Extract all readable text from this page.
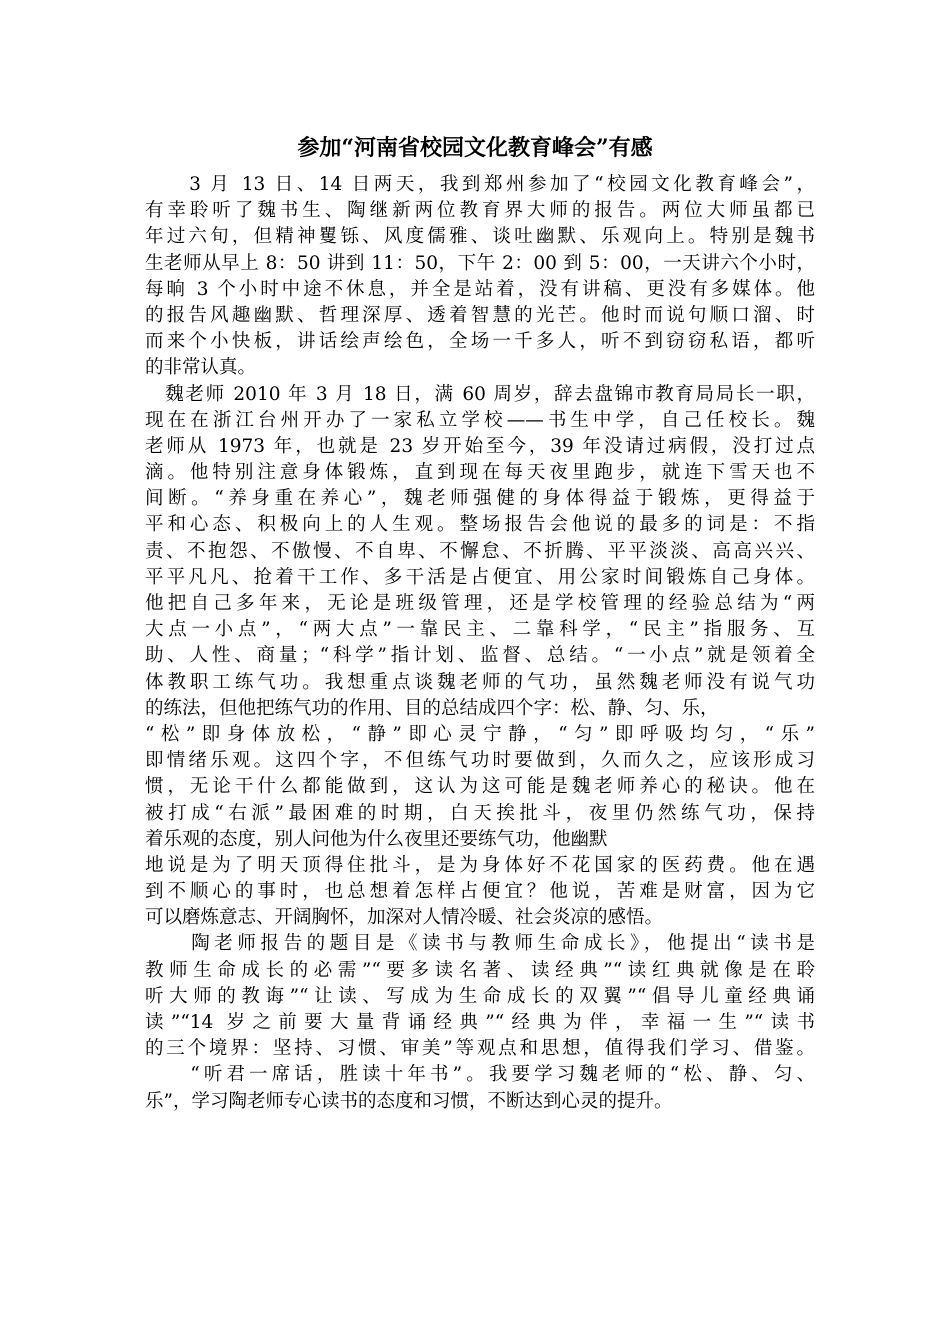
参加“河南省校园文化教育峰会”有感
　　3 月 13 日、14 日两天，我到郑州参加了“校园文化教育峰会”，
有幸聆听了魏书生、陶继新两位教育界大师的报告。两位大师虽都已
年过六旬，但精神矍铄、风度儒雅、谈吐幽默、乐观向上。特别是魏书
生老师从早上 8：50 讲到 11：50，下午 2：00 到 5：00，一天讲六个小时，
每晌 3 个小时中途不休息，并全是站着，没有讲稿、更没有多媒体。他
的报告风趣幽默、哲理深厚、透着智慧的光芒。他时而说句顺口溜、时
而来个小快板，讲话绘声绘色，全场一千多人，听不到窃窃私语，都听
的非常认真。
　魏老师 2010 年 3 月 18 日，满 60 周岁，辞去盘锦市教育局局长一职，
现在在浙江台州开办了一家私立学校——书生中学，自己任校长。魏
老师从 1973 年，也就是 23 岁开始至今，39 年没请过病假，没打过点
滴。他特别注意身体锻炼，直到现在每天夜里跑步，就连下雪天也不
间断。“养身重在养心”，魏老师强健的身体得益于锻炼，更得益于
平和心态、积极向上的人生观。整场报告会他说的最多的词是：不指
责、不抱怨、不傲慢、不自卑、不懈怠、不折腾、平平淡淡、高高兴兴、
平平凡凡、抢着干工作、多干活是占便宜、用公家时间锻炼自己身体。
他把自己多年来，无论是班级管理，还是学校管理的经验总结为“两
大点一小点”，“两大点”一靠民主、二靠科学，“民主”指服务、互
助、人性、商量；“科学”指计划、监督、总结。“一小点”就是领着全
体教职工练气功。我想重点谈魏老师的气功，虽然魏老师没有说气功
的练法，但他把练气功的作用、目的总结成四个字：松、静、匀、乐，
“松”即身体放松，“静”即心灵宁静，“匀”即呼吸均匀，“乐”
即情绪乐观。这四个字，不但练气功时要做到，久而久之，应该形成习
惯，无论干什么都能做到，这认为这可能是魏老师养心的秘诀。他在
被打成“右派”最困难的时期，白天挨批斗，夜里仍然练气功，保持
着乐观的态度，别人问他为什么夜里还要练气功，他幽默
地说是为了明天顶得住批斗，是为身体好不花国家的医药费。他在遇
到不顺心的事时，也总想着怎样占便宜？他说，苦难是财富，因为它
可以磨炼意志、开阔胸怀，加深对人情冷暖、社会炎凉的感悟。
　　陶老师报告的题目是《读书与教师生命成长》，他提出“读书是
教师生命成长的必需”“要多读名著、读经典”“读红典就像是在聆
听大师的教诲”“让读、写成为生命成长的双翼”“倡导儿童经典诵
读”“14 岁之前要大量背诵经典”“经典为伴，幸福一生”“读书
的三个境界：坚持、习惯、审美”等观点和思想，值得我们学习、借鉴。
　　“听君一席话，胜读十年书”。我要学习魏老师的“松、静、匀、
乐”，学习陶老师专心读书的态度和习惯，不断达到心灵的提升。
